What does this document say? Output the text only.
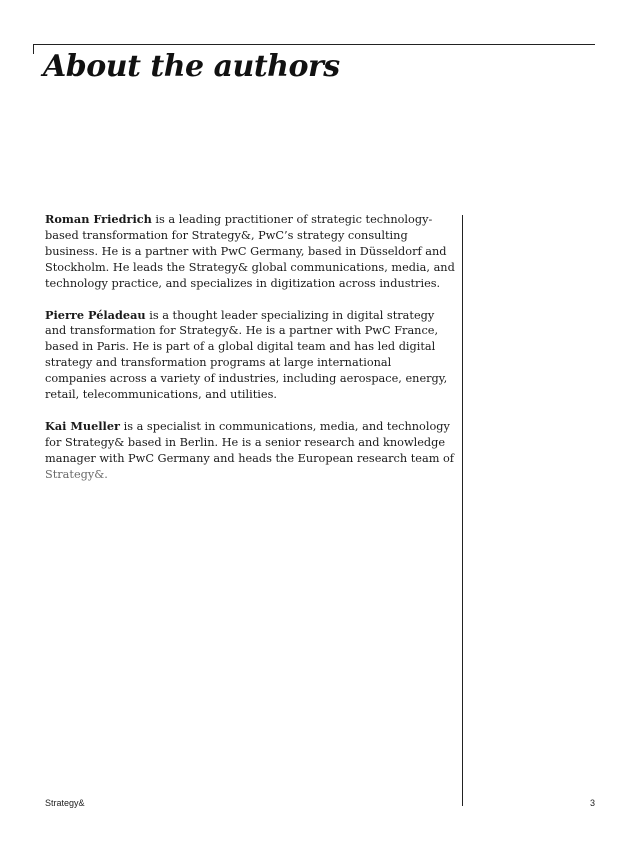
About the authors

Roman Friedrich is a leading practitioner of strategic technology-based transformation for Strategy&, PwC’s strategy consulting business. He is a partner with PwC Germany, based in Düsseldorf and Stockholm. He leads the Strategy& global communications, media, and technology practice, and specializes in digitization across industries.

Pierre Péladeau is a thought leader specializing in digital strategy and transformation for Strategy&. He is a partner with PwC France, based in Paris. He is part of a global digital team and has led digital strategy and transformation programs at large international companies across a variety of industries, including aerospace, energy, retail, telecommunications, and utilities.

Kai Mueller is a specialist in communications, media, and technology for Strategy& based in Berlin. He is a senior research and knowledge manager with PwC Germany and heads the European research team of Strategy&.

Strategy&	3
